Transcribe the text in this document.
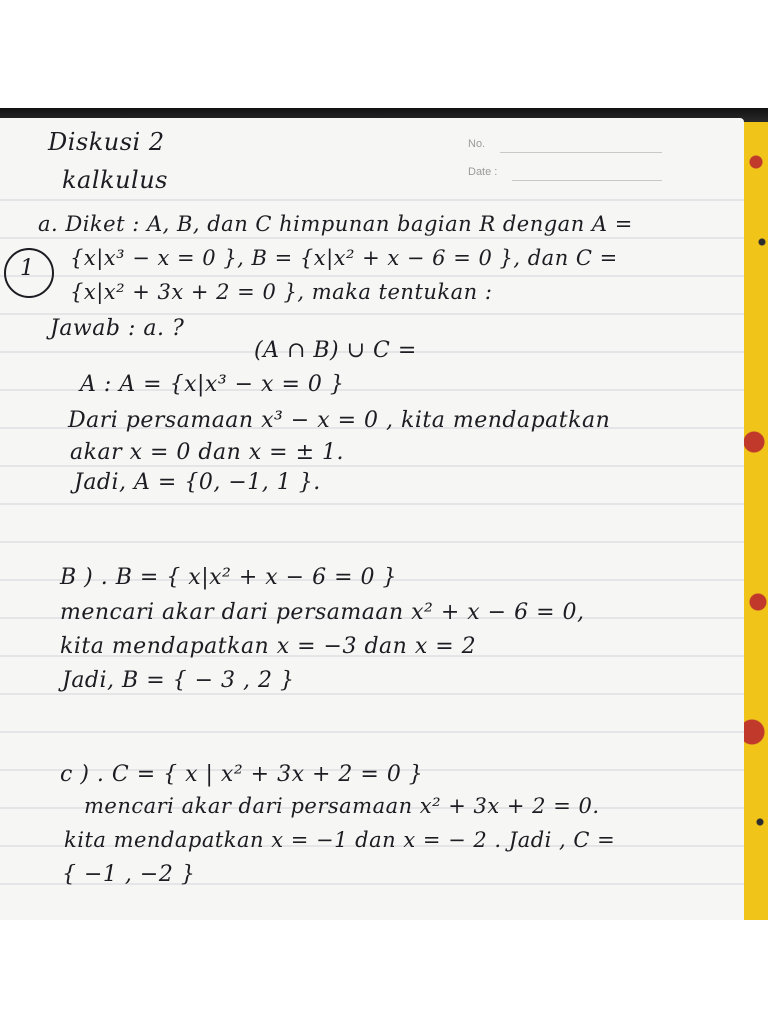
No.
Date :
Diskusi 2
kalkulus
1
a. Diket : A, B, dan C himpunan bagian R dengan A =
{x|x³ − x = 0 }, B = {x|x² + x − 6 = 0 }, dan C =
{x|x² + 3x + 2 = 0 }, maka tentukan :
Jawab : a. ?
(A ∩ B) ∪ C =
A : A = {x|x³ − x = 0 }
Dari persamaan x³ − x = 0 , kita mendapatkan
akar x = 0 dan x = ± 1.
Jadi, A = {0, −1, 1 }.
B ) . B = { x|x² + x − 6 = 0 }
mencari akar dari persamaan x² + x − 6 = 0,
kita mendapatkan x = −3 dan x = 2
Jadi, B = { − 3 , 2 }
c ) . C = { x | x² + 3x + 2 = 0 }
mencari akar dari persamaan x² + 3x + 2 = 0.
kita mendapatkan x = −1 dan x = − 2 . Jadi , C =
{ −1 , −2 }
